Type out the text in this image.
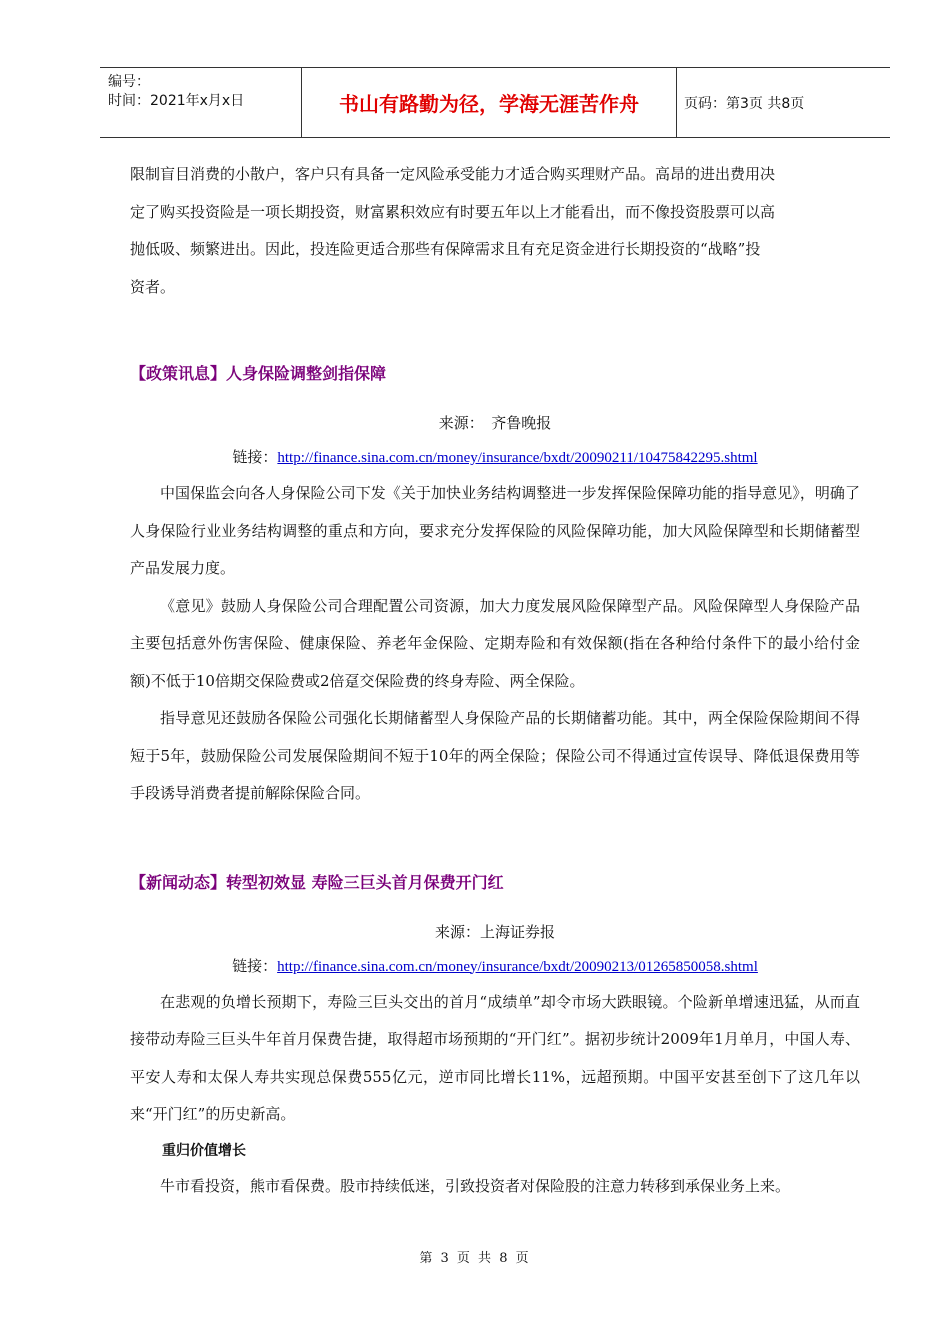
编号：
时间：2021年x月x日	书山有路勤为径，学海无涯苦作舟	页码：第3页 共8页

限制盲目消费的小散户，客户只有具备一定风险承受能力才适合购买理财产品。高昂的进出费用决

定了购买投资险是一项长期投资，财富累积效应有时要五年以上才能看出，而不像投资股票可以高

抛低吸、频繁进出。因此，投连险更适合那些有保障需求且有充足资金进行长期投资的“战略”投

资者。

【政策讯息】人身保险调整剑指保障

来源：　齐鲁晚报

链接：http://finance.sina.com.cn/money/insurance/bxdt/20090211/10475842295.shtml

中国保监会向各人身保险公司下发《关于加快业务结构调整进一步发挥保险保障功能的指导意见》，明确了人身保险行业业务结构调整的重点和方向，要求充分发挥保险的风险保障功能，加大风险保障型和长期储蓄型产品发展力度。

《意见》鼓励人身保险公司合理配置公司资源，加大力度发展风险保障型产品。风险保障型人身保险产品主要包括意外伤害保险、健康保险、养老年金保险、定期寿险和有效保额(指在各种给付条件下的最小给付金额)不低于10倍期交保险费或2倍趸交保险费的终身寿险、两全保险。

指导意见还鼓励各保险公司强化长期储蓄型人身保险产品的长期储蓄功能。其中，两全保险保险期间不得短于5年，鼓励保险公司发展保险期间不短于10年的两全保险；保险公司不得通过宣传误导、降低退保费用等手段诱导消费者提前解除保险合同。

【新闻动态】转型初效显 寿险三巨头首月保费开门红

来源：上海证券报

链接：http://finance.sina.com.cn/money/insurance/bxdt/20090213/01265850058.shtml

在悲观的负增长预期下，寿险三巨头交出的首月“成绩单”却令市场大跌眼镜。个险新单增速迅猛，从而直接带动寿险三巨头牛年首月保费告捷，取得超市场预期的“开门红”。据初步统计2009年1月单月，中国人寿、平安人寿和太保人寿共实现总保费555亿元，逆市同比增长11%，远超预期。中国平安甚至创下了这几年以来“开门红”的历史新高。

重归价值增长

牛市看投资，熊市看保费。股市持续低迷，引致投资者对保险股的注意力转移到承保业务上来。

第 3 页 共 8 页
